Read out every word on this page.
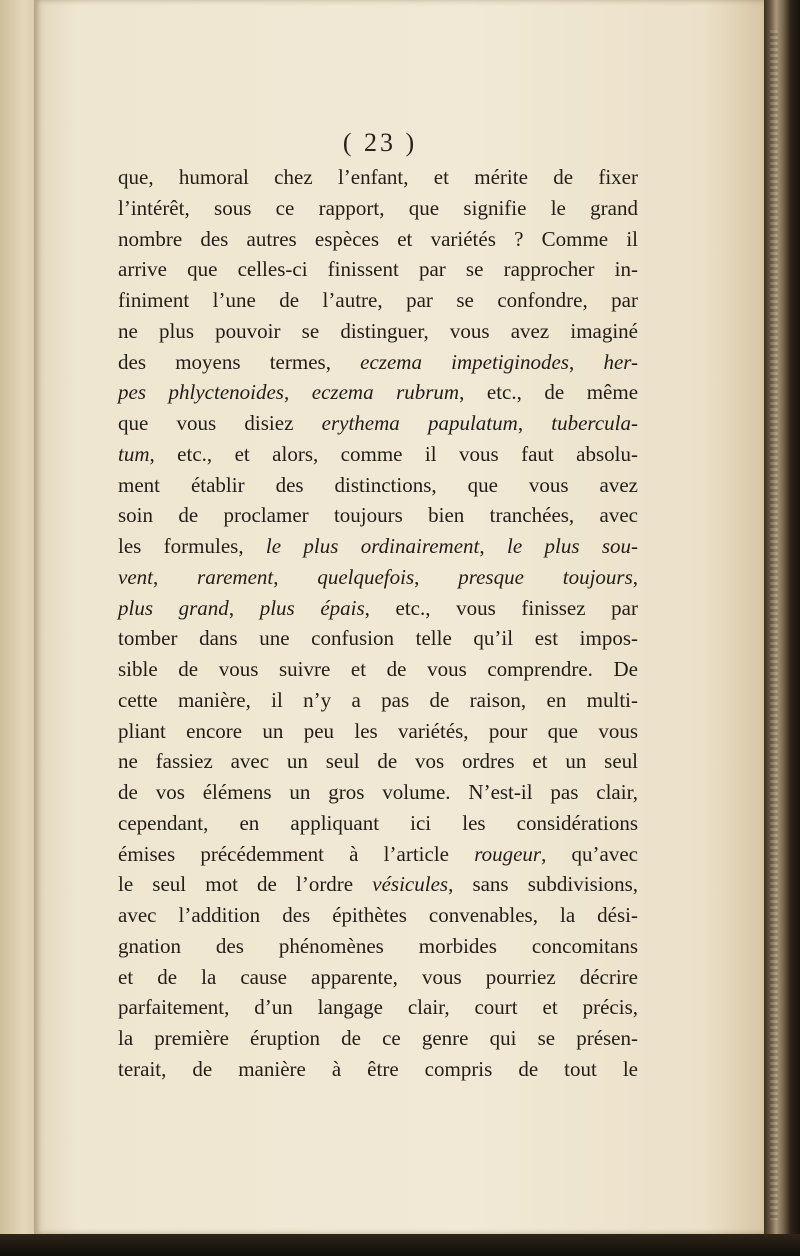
( 23 )
que, humoral chez l’enfant, et mérite de fixer
l’intérêt, sous ce rapport, que signifie le grand
nombre des autres espèces et variétés ? Comme il
arrive que celles-ci finissent par se rapprocher in-
finiment l’une de l’autre, par se confondre, par
ne plus pouvoir se distinguer, vous avez imaginé
des moyens termes, eczema impetiginodes, her-
pes phlyctenoides, eczema rubrum, etc., de même
que vous disiez erythema papulatum, tubercula-
tum, etc., et alors, comme il vous faut absolu-
ment établir des distinctions, que vous avez
soin de proclamer toujours bien tranchées, avec
les formules, le plus ordinairement, le plus sou-
vent, rarement, quelquefois, presque toujours,
plus grand, plus épais, etc., vous finissez par
tomber dans une confusion telle qu’il est impos-
sible de vous suivre et de vous comprendre. De
cette manière, il n’y a pas de raison, en multi-
pliant encore un peu les variétés, pour que vous
ne fassiez avec un seul de vos ordres et un seul
de vos élémens un gros volume. N’est-il pas clair,
cependant, en appliquant ici les considérations
émises précédemment à l’article rougeur, qu’avec
le seul mot de l’ordre vésicules, sans subdivisions,
avec l’addition des épithètes convenables, la dési-
gnation des phénomènes morbides concomitans
et de la cause apparente, vous pourriez décrire
parfaitement, d’un langage clair, court et précis,
la première éruption de ce genre qui se présen-
terait, de manière à être compris de tout le
